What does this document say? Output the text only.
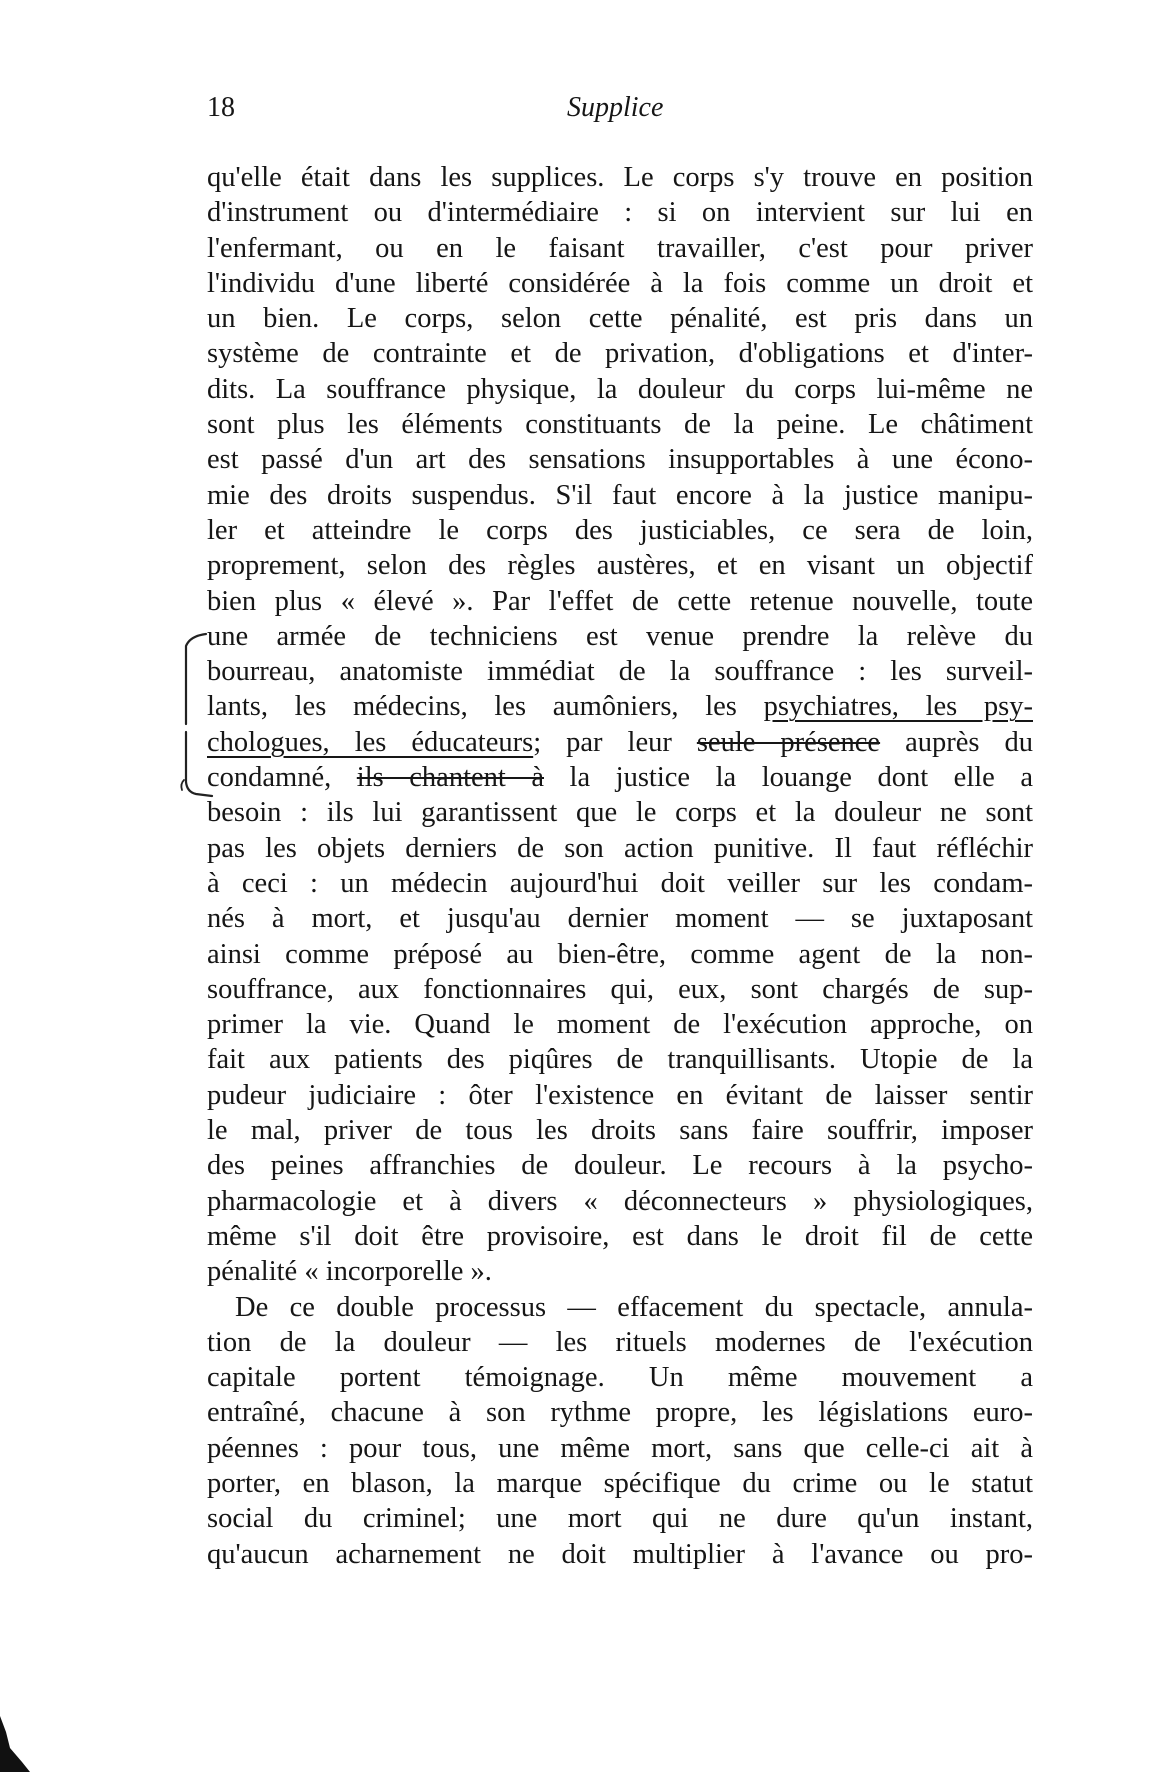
18	Supplice
qu'elle était dans les supplices. Le corps s'y trouve en position
d'instrument ou d'intermédiaire : si on intervient sur lui en
l'enfermant, ou en le faisant travailler, c'est pour priver
l'individu d'une liberté considérée à la fois comme un droit et
un bien. Le corps, selon cette pénalité, est pris dans un
système de contrainte et de privation, d'obligations et d'inter-
dits. La souffrance physique, la douleur du corps lui-même ne
sont plus les éléments constituants de la peine. Le châtiment
est passé d'un art des sensations insupportables à une écono-
mie des droits suspendus. S'il faut encore à la justice manipu-
ler et atteindre le corps des justiciables, ce sera de loin,
proprement, selon des règles austères, et en visant un objectif
bien plus « élevé ». Par l'effet de cette retenue nouvelle, toute
une armée de techniciens est venue prendre la relève du
bourreau, anatomiste immédiat de la souffrance : les surveil-
lants, les médecins, les aumôniers, les psychiatres, les psy-
chologues, les éducateurs; par leur seule présence auprès du
condamné, ils chantent à la justice la louange dont elle a
besoin : ils lui garantissent que le corps et la douleur ne sont
pas les objets derniers de son action punitive. Il faut réfléchir
à ceci : un médecin aujourd'hui doit veiller sur les condam-
nés à mort, et jusqu'au dernier moment — se juxtaposant
ainsi comme préposé au bien-être, comme agent de la non-
souffrance, aux fonctionnaires qui, eux, sont chargés de sup-
primer la vie. Quand le moment de l'exécution approche, on
fait aux patients des piqûres de tranquillisants. Utopie de la
pudeur judiciaire : ôter l'existence en évitant de laisser sentir
le mal, priver de tous les droits sans faire souffrir, imposer
des peines affranchies de douleur. Le recours à la psycho-
pharmacologie et à divers « déconnecteurs » physiologiques,
même s'il doit être provisoire, est dans le droit fil de cette
pénalité « incorporelle ».
De ce double processus — effacement du spectacle, annula-
tion de la douleur — les rituels modernes de l'exécution
capitale portent témoignage. Un même mouvement a
entraîné, chacune à son rythme propre, les législations euro-
péennes : pour tous, une même mort, sans que celle-ci ait à
porter, en blason, la marque spécifique du crime ou le statut
social du criminel; une mort qui ne dure qu'un instant,
qu'aucun acharnement ne doit multiplier à l'avance ou pro-
